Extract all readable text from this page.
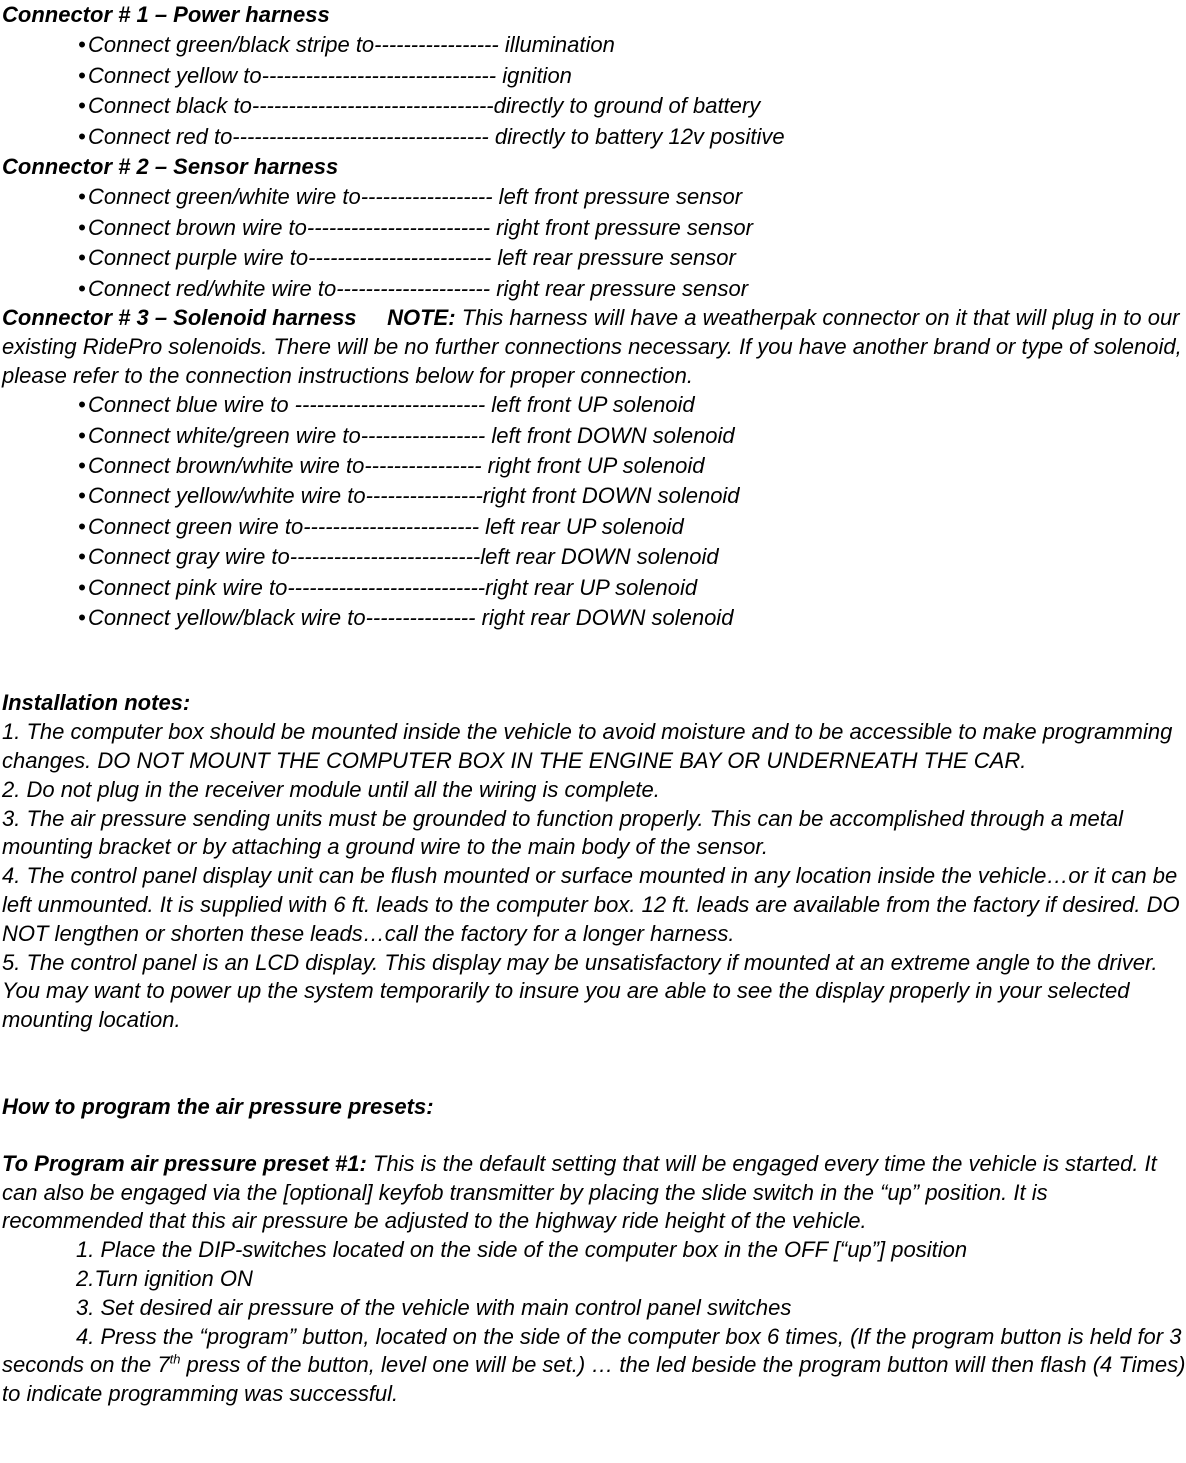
Connector # 1 – Power harness
• Connect green/black stripe to----------------- illumination
• Connect yellow to-------------------------------- ignition
• Connect black to---------------------------------directly to ground of battery
• Connect red to----------------------------------- directly to battery 12v positive
Connector # 2 – Sensor harness
• Connect green/white wire to------------------ left front pressure sensor
• Connect brown wire to------------------------- right front pressure sensor
• Connect purple wire to------------------------- left rear pressure sensor
• Connect red/white wire to--------------------- right rear pressure sensor
Connector # 3 – Solenoid harness NOTE: This harness will have a weatherpak connector on it that will plug in to our existing RidePro solenoids. There will be no further connections necessary. If you have another brand or type of solenoid, please refer to the connection instructions below for proper connection.
• Connect blue wire to -------------------------- left front UP solenoid
• Connect white/green wire to----------------- left front DOWN solenoid
• Connect brown/white wire to---------------- right front UP solenoid
• Connect yellow/white wire to----------------right front DOWN solenoid
• Connect green wire to------------------------ left rear UP solenoid
• Connect gray wire to--------------------------left rear DOWN solenoid
• Connect pink wire to---------------------------right rear UP solenoid
• Connect yellow/black wire to--------------- right rear DOWN solenoid
Installation notes:
1. The computer box should be mounted inside the vehicle to avoid moisture and to be accessible to make programming changes. DO NOT MOUNT THE COMPUTER BOX IN THE ENGINE BAY OR UNDERNEATH THE CAR.
2. Do not plug in the receiver module until all the wiring is complete.
3. The air pressure sending units must be grounded to function properly. This can be accomplished through a metal mounting bracket or by attaching a ground wire to the main body of the sensor.
4. The control panel display unit can be flush mounted or surface mounted in any location inside the vehicle…or it can be left unmounted. It is supplied with 6 ft. leads to the computer box. 12 ft. leads are available from the factory if desired. DO NOT lengthen or shorten these leads…call the factory for a longer harness.
5. The control panel is an LCD display. This display may be unsatisfactory if mounted at an extreme angle to the driver. You may want to power up the system temporarily to insure you are able to see the display properly in your selected mounting location.
How to program the air pressure presets:
To Program air pressure preset #1: This is the default setting that will be engaged every time the vehicle is started. It can also be engaged via the [optional] keyfob transmitter by placing the slide switch in the “up” position. It is recommended that this air pressure be adjusted to the highway ride height of the vehicle.
1. Place the DIP-switches located on the side of the computer box in the OFF [“up”] position
2.Turn ignition ON
3. Set desired air pressure of the vehicle with main control panel switches
4. Press the “program” button, located on the side of the computer box 6 times, (If the program button is held for 3 seconds on the 7th press of the button, level one will be set.) … the led beside the program button will then flash (4 Times) to indicate programming was successful.
